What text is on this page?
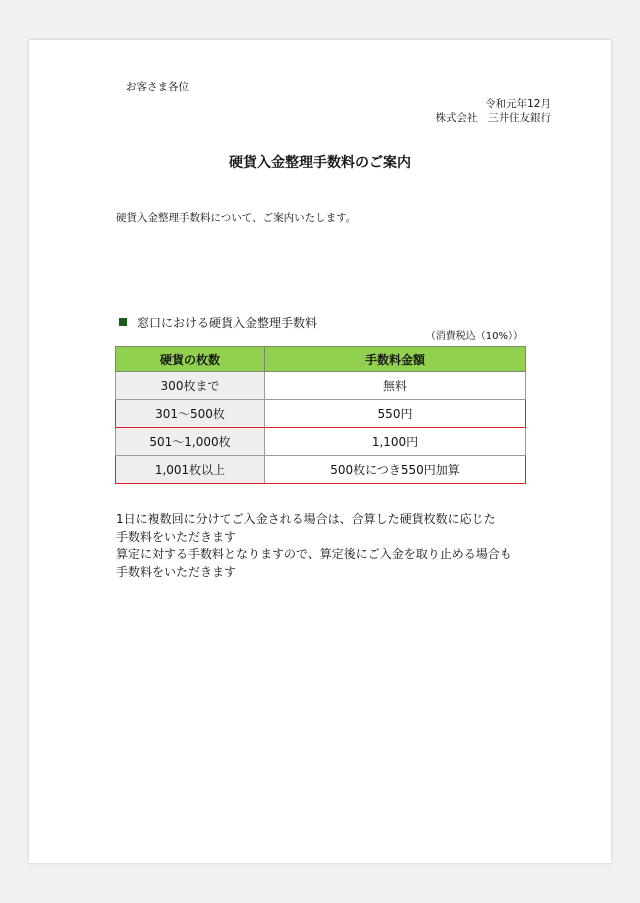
お客さま各位
令和元年12月
株式会社　三井住友銀行
硬貨入金整理手数料のご案内
硬貨入金整理手数料について、ご案内いたします。
窓口における硬貨入金整理手数料
（消費税込（10%））
硬貨の枚数	手数料金額
300枚まで	無料
301～500枚	550円
501～1,000枚	1,100円
1,001枚以上	500枚につき550円加算
1日に複数回に分けてご入金される場合は、合算した硬貨枚数に応じた
手数料をいただきます
算定に対する手数料となりますので、算定後にご入金を取り止める場合も
手数料をいただきます
